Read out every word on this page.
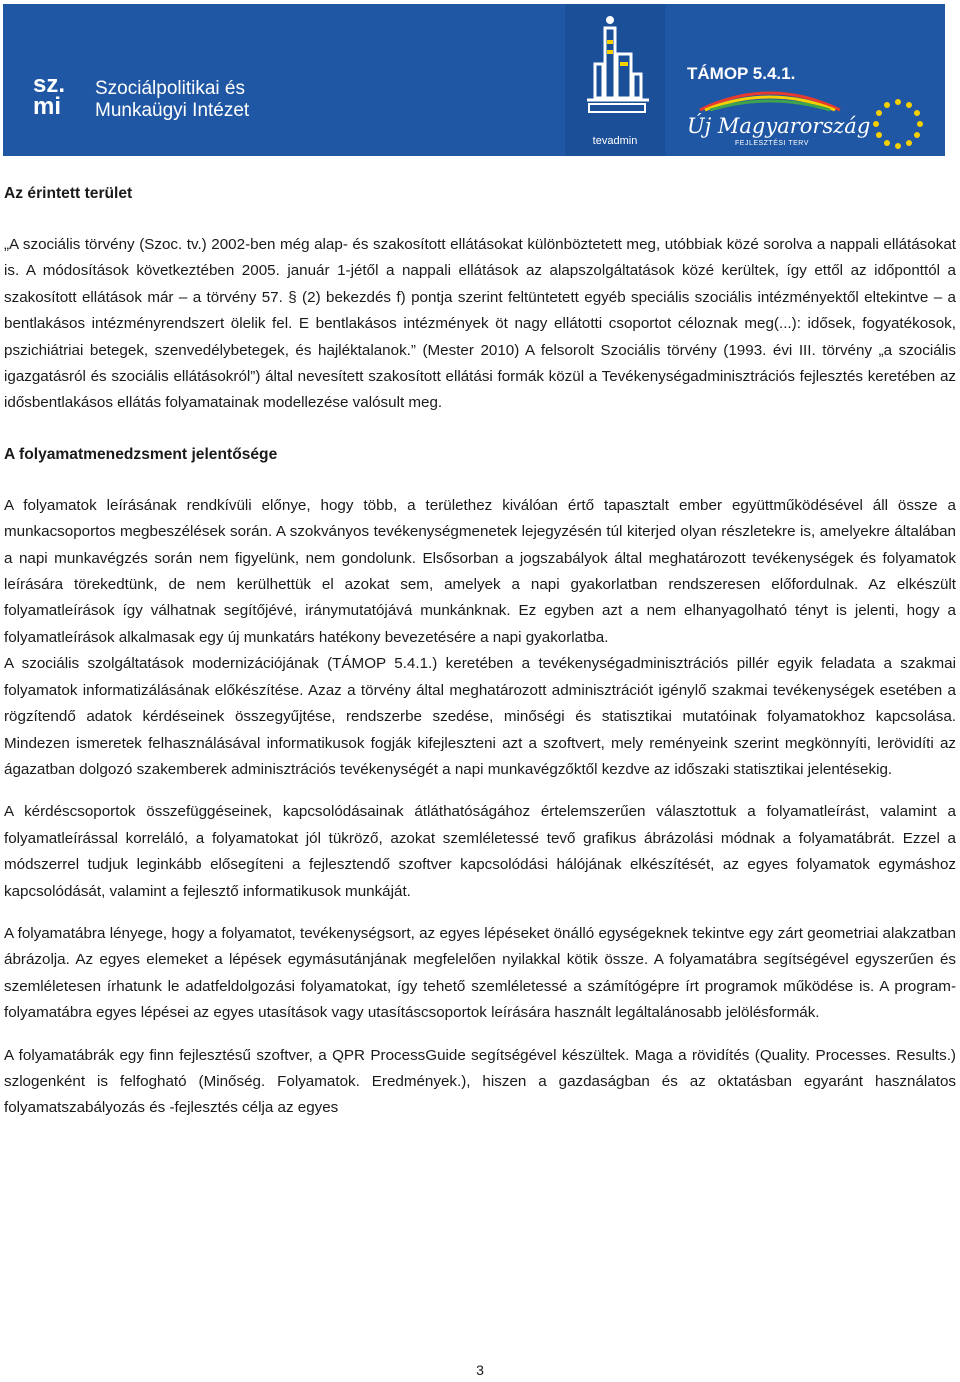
sz.
mi
Szociálpolitikai és
Munkaügyi Intézet
tevadmin
TÁMOP 5.4.1.
Új Magyarország
FEJLESZTÉSI TERV
Az érintett terület

„A szociális törvény (Szoc. tv.) 2002-ben még alap- és szakosított ellátásokat különböztetett meg, utóbbiak közé sorolva a nappali ellátásokat is. A módosítások következtében 2005. január 1-jétől a nappali ellátások az alapszolgáltatások közé kerültek, így ettől az időponttól a szakosított ellátások már – a törvény 57. § (2) bekezdés f) pontja szerint feltüntetett egyéb speciális szociális intézményektől eltekintve – a bentlakásos intézményrendszert ölelik fel. E bentlakásos intézmények öt nagy ellátotti csoportot céloznak meg(...): idősek, fogyatékosok, pszichiátriai betegek, szenvedélybetegek, és hajléktalanok.” (Mester 2010) A felsorolt Szociális törvény (1993. évi III. törvény „a szociális igazgatásról és szociális ellátásokról”) által nevesített szakosított ellátási formák közül a Tevékenységadminisztrációs fejlesztés keretében az idősbentlakásos ellátás folyamatainak modellezése valósult meg.

A folyamatmenedzsment jelentősége

A folyamatok leírásának rendkívüli előnye, hogy több, a területhez kiválóan értő tapasztalt ember együttműködésével áll össze a munkacsoportos megbeszélések során. A szokványos tevékenységmenetek lejegyzésén túl kiterjed olyan részletekre is, amelyekre általában a napi munkavégzés során nem figyelünk, nem gondolunk. Elsősorban a jogszabályok által meghatározott tevékenységek és folyamatok leírására törekedtünk, de nem kerülhettük el azokat sem, amelyek a napi gyakorlatban rendszeresen előfordulnak. Az elkészült folyamatleírások így válhatnak segítőjévé, iránymutatójává munkánknak. Ez egyben azt a nem elhanyagolható tényt is jelenti, hogy a folyamatleírások alkalmasak egy új munkatárs hatékony bevezetésére a napi gyakorlatba.

A szociális szolgáltatások modernizációjának (TÁMOP 5.4.1.) keretében a tevékenységadminisztrációs pillér egyik feladata a szakmai folyamatok informatizálásának előkészítése. Azaz a törvény által meghatározott adminisztrációt igénylő szakmai tevékenységek esetében a rögzítendő adatok kérdéseinek összegyűjtése, rendszerbe szedése, minőségi és statisztikai mutatóinak folyamatokhoz kapcsolása. Mindezen ismeretek felhasználásával informatikusok fogják kifejleszteni azt a szoftvert, mely reményeink szerint megkönnyíti, lerövidíti az ágazatban dolgozó szakemberek adminisztrációs tevékenységét a napi munkavégzőktől kezdve az időszaki statisztikai jelentésekig.

A kérdéscsoportok összefüggéseinek, kapcsolódásainak átláthatóságához értelemszerűen választottuk a folyamatleírást, valamint a folyamatleírással korreláló, a folyamatokat jól tükröző, azokat szemléletessé tevő grafikus ábrázolási módnak a folyamatábrát. Ezzel a módszerrel tudjuk leginkább elősegíteni a fejlesztendő szoftver kapcsolódási hálójának elkészítését, az egyes folyamatok egymáshoz kapcsolódását, valamint a fejlesztő informatikusok munkáját.

A folyamatábra lényege, hogy a folyamatot, tevékenységsort, az egyes lépéseket önálló egységeknek tekintve egy zárt geometriai alakzatban ábrázolja. Az egyes elemeket a lépések egymásutánjának megfelelően nyilakkal kötik össze. A folyamatábra segítségével egyszerűen és szemléletesen írhatunk le adatfeldolgozási folyamatokat, így tehető szemléletessé a számítógépre írt programok működése is. A program-folyamatábra egyes lépései az egyes utasítások vagy utasításcsoportok leírására használt legáltalánosabb jelölésformák.

A folyamatábrák egy finn fejlesztésű szoftver, a QPR ProcessGuide segítségével készültek. Maga a rövidítés (Quality. Processes. Results.) szlogenként is felfogható (Minőség. Folyamatok. Eredmények.), hiszen a gazdaságban és az oktatásban egyaránt használatos folyamatszabályozás és -fejlesztés célja az egyes

3
